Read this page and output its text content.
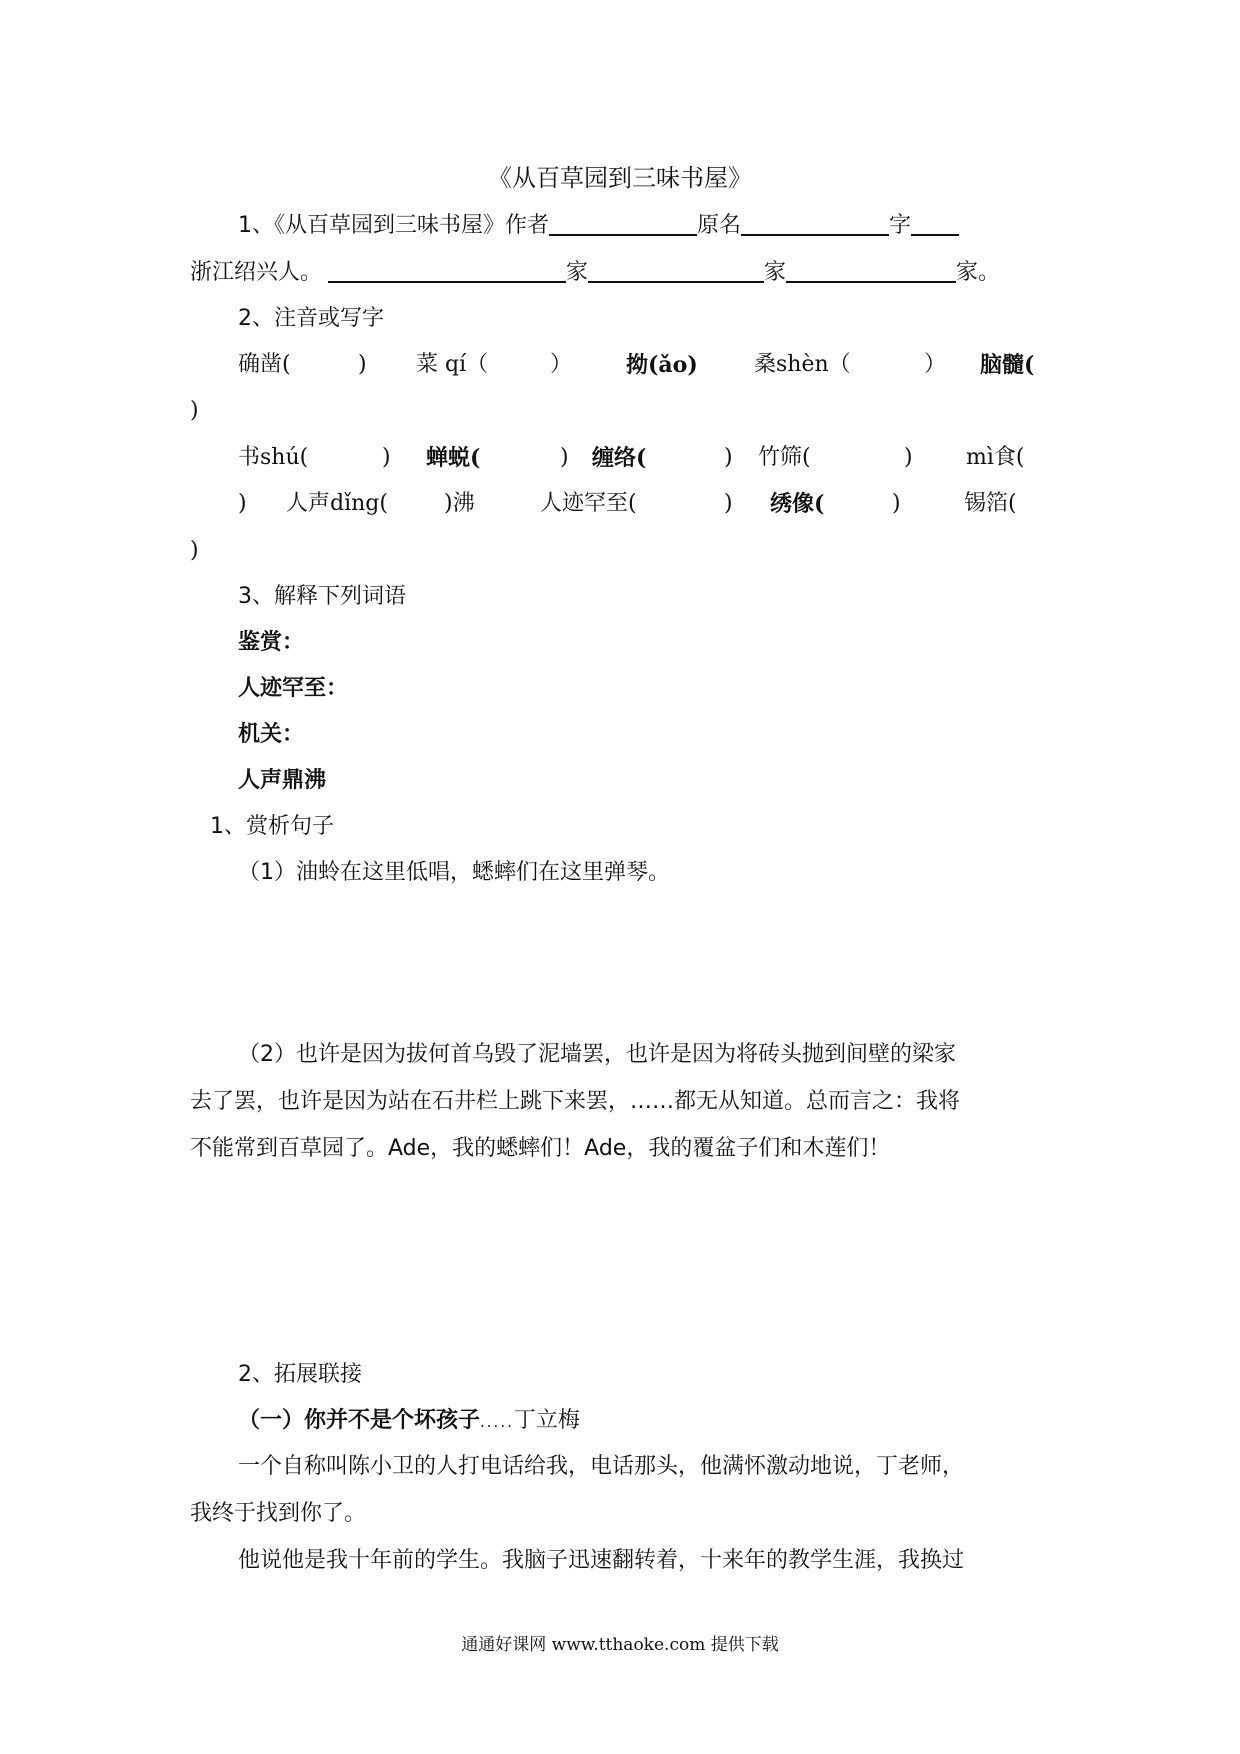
《从百草园到三味书屋》
1、《从百草园到三味书屋》作者	原名	字
浙江绍兴人。	家	家	家。
2、注音或写字
确凿(	) 菜 qí（	） 拗(ǎo)	桑shèn（	） 脑髓(
)
书shú(	) 蝉蜕(	) 缠络(	) 竹筛(	) mì食(
) 人声dǐng(	)沸	人迹罕至(	) 绣像(	)	锡箔(
)
3、解释下列词语
鉴赏：
人迹罕至：
机关：
人声鼎沸
1、赏析句子
（1）油蛉在这里低唱，蟋蟀们在这里弹琴。
（2）也许是因为拔何首乌毁了泥墙罢，也许是因为将砖头抛到间壁的梁家
去了罢，也许是因为站在石井栏上跳下来罢，……都无从知道。总而言之：我将
不能常到百草园了。Ade，我的蟋蟀们！Ade，我的覆盆子们和木莲们！
2、拓展联接
（一）你并不是个坏孩子.....丁立梅
一个自称叫陈小卫的人打电话给我，电话那头，他满怀激动地说，丁老师，
我终于找到你了。
他说他是我十年前的学生。我脑子迅速翻转着，十来年的教学生涯，我换过
通通好课网 www.tthaoke.com 提供下载
